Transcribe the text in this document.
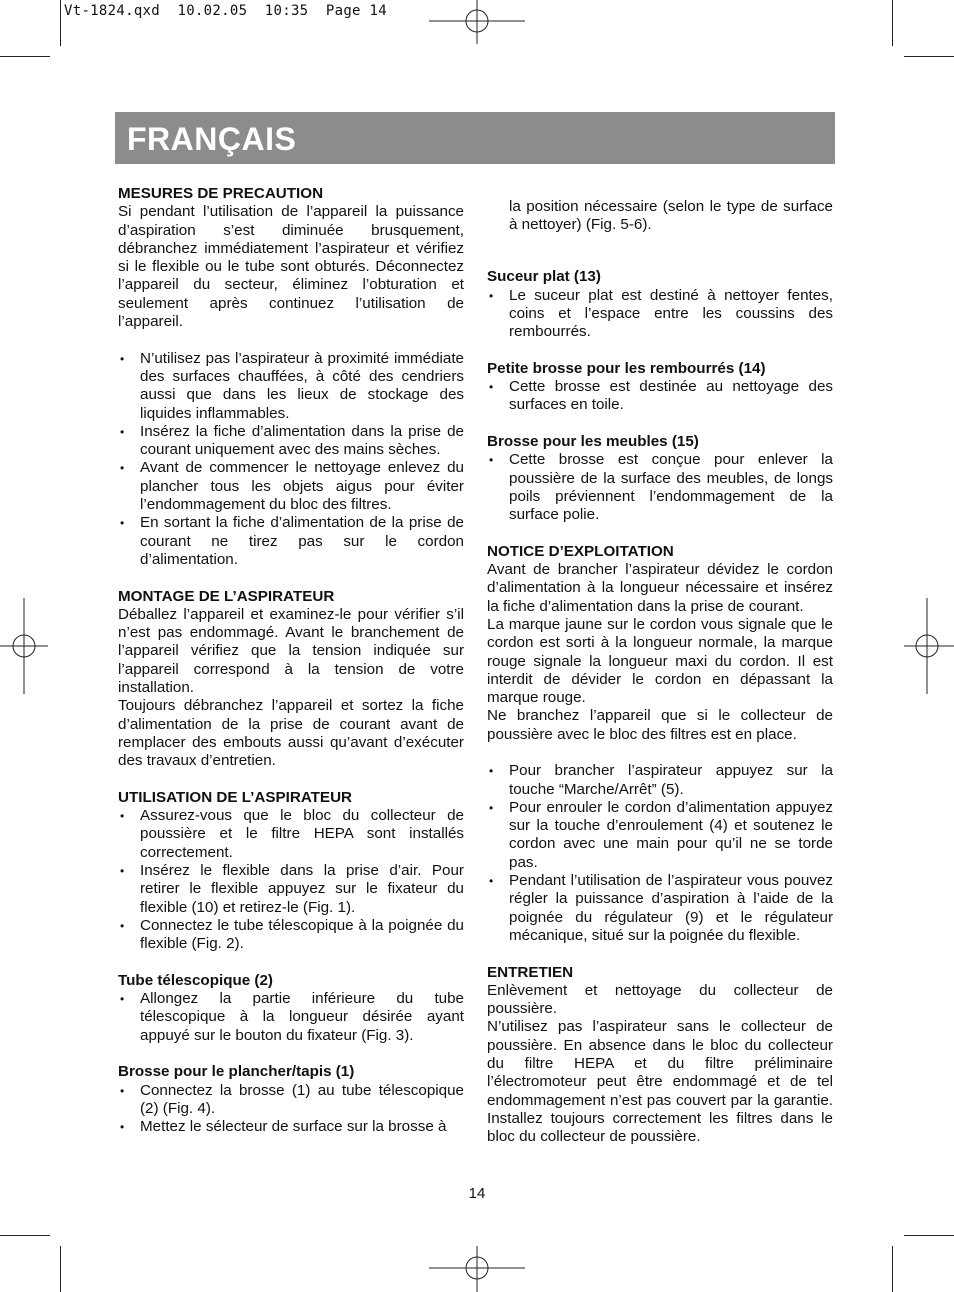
Vt-1824.qxd  10.02.05  10:35  Page 14
FRANÇAIS

MESURES DE PRECAUTION

Si pendant l’utilisation de l’appareil la puissance d’aspiration s’est diminuée brusquement, débranchez immédiatement l’aspirateur et vérifiez si le flexible ou le tube sont obturés. Déconnectez l’appareil du secteur, éliminez l’obturation et seulement après continuez l’utilisation de l’appareil.

• N’utilisez pas l’aspirateur à proximité immédiate des surfaces chauffées, à côté des cendriers aussi que dans les lieux de stockage des liquides inflammables.
• Insérez la fiche d’alimentation dans la prise de courant uniquement avec des mains sèches.
• Avant de commencer le nettoyage enlevez du plancher tous les objets aigus pour éviter l’endommagement du bloc des filtres.
• En sortant la fiche d’alimentation de la prise de courant ne tirez pas sur le cordon d’alimentation.

MONTAGE DE L’ASPIRATEUR

Déballez l’appareil et examinez-le pour vérifier s’il n’est pas endommagé. Avant le branchement de l’appareil vérifiez que la tension indiquée sur l’appareil correspond à la tension de votre installation.

Toujours débranchez l’appareil et sortez la fiche d’alimentation de la prise de courant avant de remplacer des embouts aussi qu’avant d’exécuter des travaux d’entretien.

UTILISATION DE L’ASPIRATEUR

• Assurez-vous que le bloc du collecteur de poussière et le filtre HEPA sont installés correctement.
• Insérez le flexible dans la prise d’air. Pour retirer le flexible appuyez sur le fixateur du flexible (10) et retirez-le (Fig. 1).
• Connectez le tube télescopique à la poignée du flexible (Fig. 2).

Tube télescopique (2)

• Allongez la partie inférieure du tube télescopique à la longueur désirée ayant appuyé sur le bouton du fixateur (Fig. 3).

Brosse pour le plancher/tapis (1)

• Connectez la brosse (1) au tube télescopique (2) (Fig. 4).
• Mettez le sélecteur de surface sur la brosse à

la position nécessaire (selon le type de surface à nettoyer) (Fig. 5-6).

Suceur plat (13)

• Le suceur plat est destiné à nettoyer fentes, coins et l’espace entre les coussins des rembourrés.

Petite brosse pour les rembourrés (14)

• Cette brosse est destinée au nettoyage des surfaces en toile.

Brosse pour les meubles (15)

• Cette brosse est conçue pour enlever la poussière de la surface des meubles, de longs poils préviennent l’endommagement de la surface polie.

NOTICE D’EXPLOITATION

Avant de brancher l’aspirateur dévidez le cordon d’alimentation à la longueur nécessaire et insérez la fiche d’alimentation dans la prise de courant.

La marque jaune sur le cordon vous signale que le cordon est sorti à la longueur normale, la marque rouge signale la longueur maxi du cordon. Il est interdit de dévider le cordon en dépassant la marque rouge.

Ne branchez l’appareil que si le collecteur de poussière avec le bloc des filtres est en place.

• Pour brancher l’aspirateur appuyez sur la touche “Marche/Arrêt” (5).
• Pour enrouler le cordon d’alimentation appuyez sur la touche d’enroulement (4) et soutenez le cordon avec une main pour qu’il ne se torde pas.
• Pendant l’utilisation de l’aspirateur vous pouvez régler la puissance d’aspiration à l’aide de la poignée du régulateur (9) et le régulateur mécanique, situé sur la poignée du flexible.

ENTRETIEN

Enlèvement et nettoyage du collecteur de poussière.

N’utilisez pas l’aspirateur sans le collecteur de poussière. En absence dans le bloc du collecteur du filtre HEPA et du filtre préliminaire l’électromoteur peut être endommagé et de tel endommagement n’est pas couvert par la garantie. Installez toujours correctement les filtres dans le bloc du collecteur de poussière.

14
